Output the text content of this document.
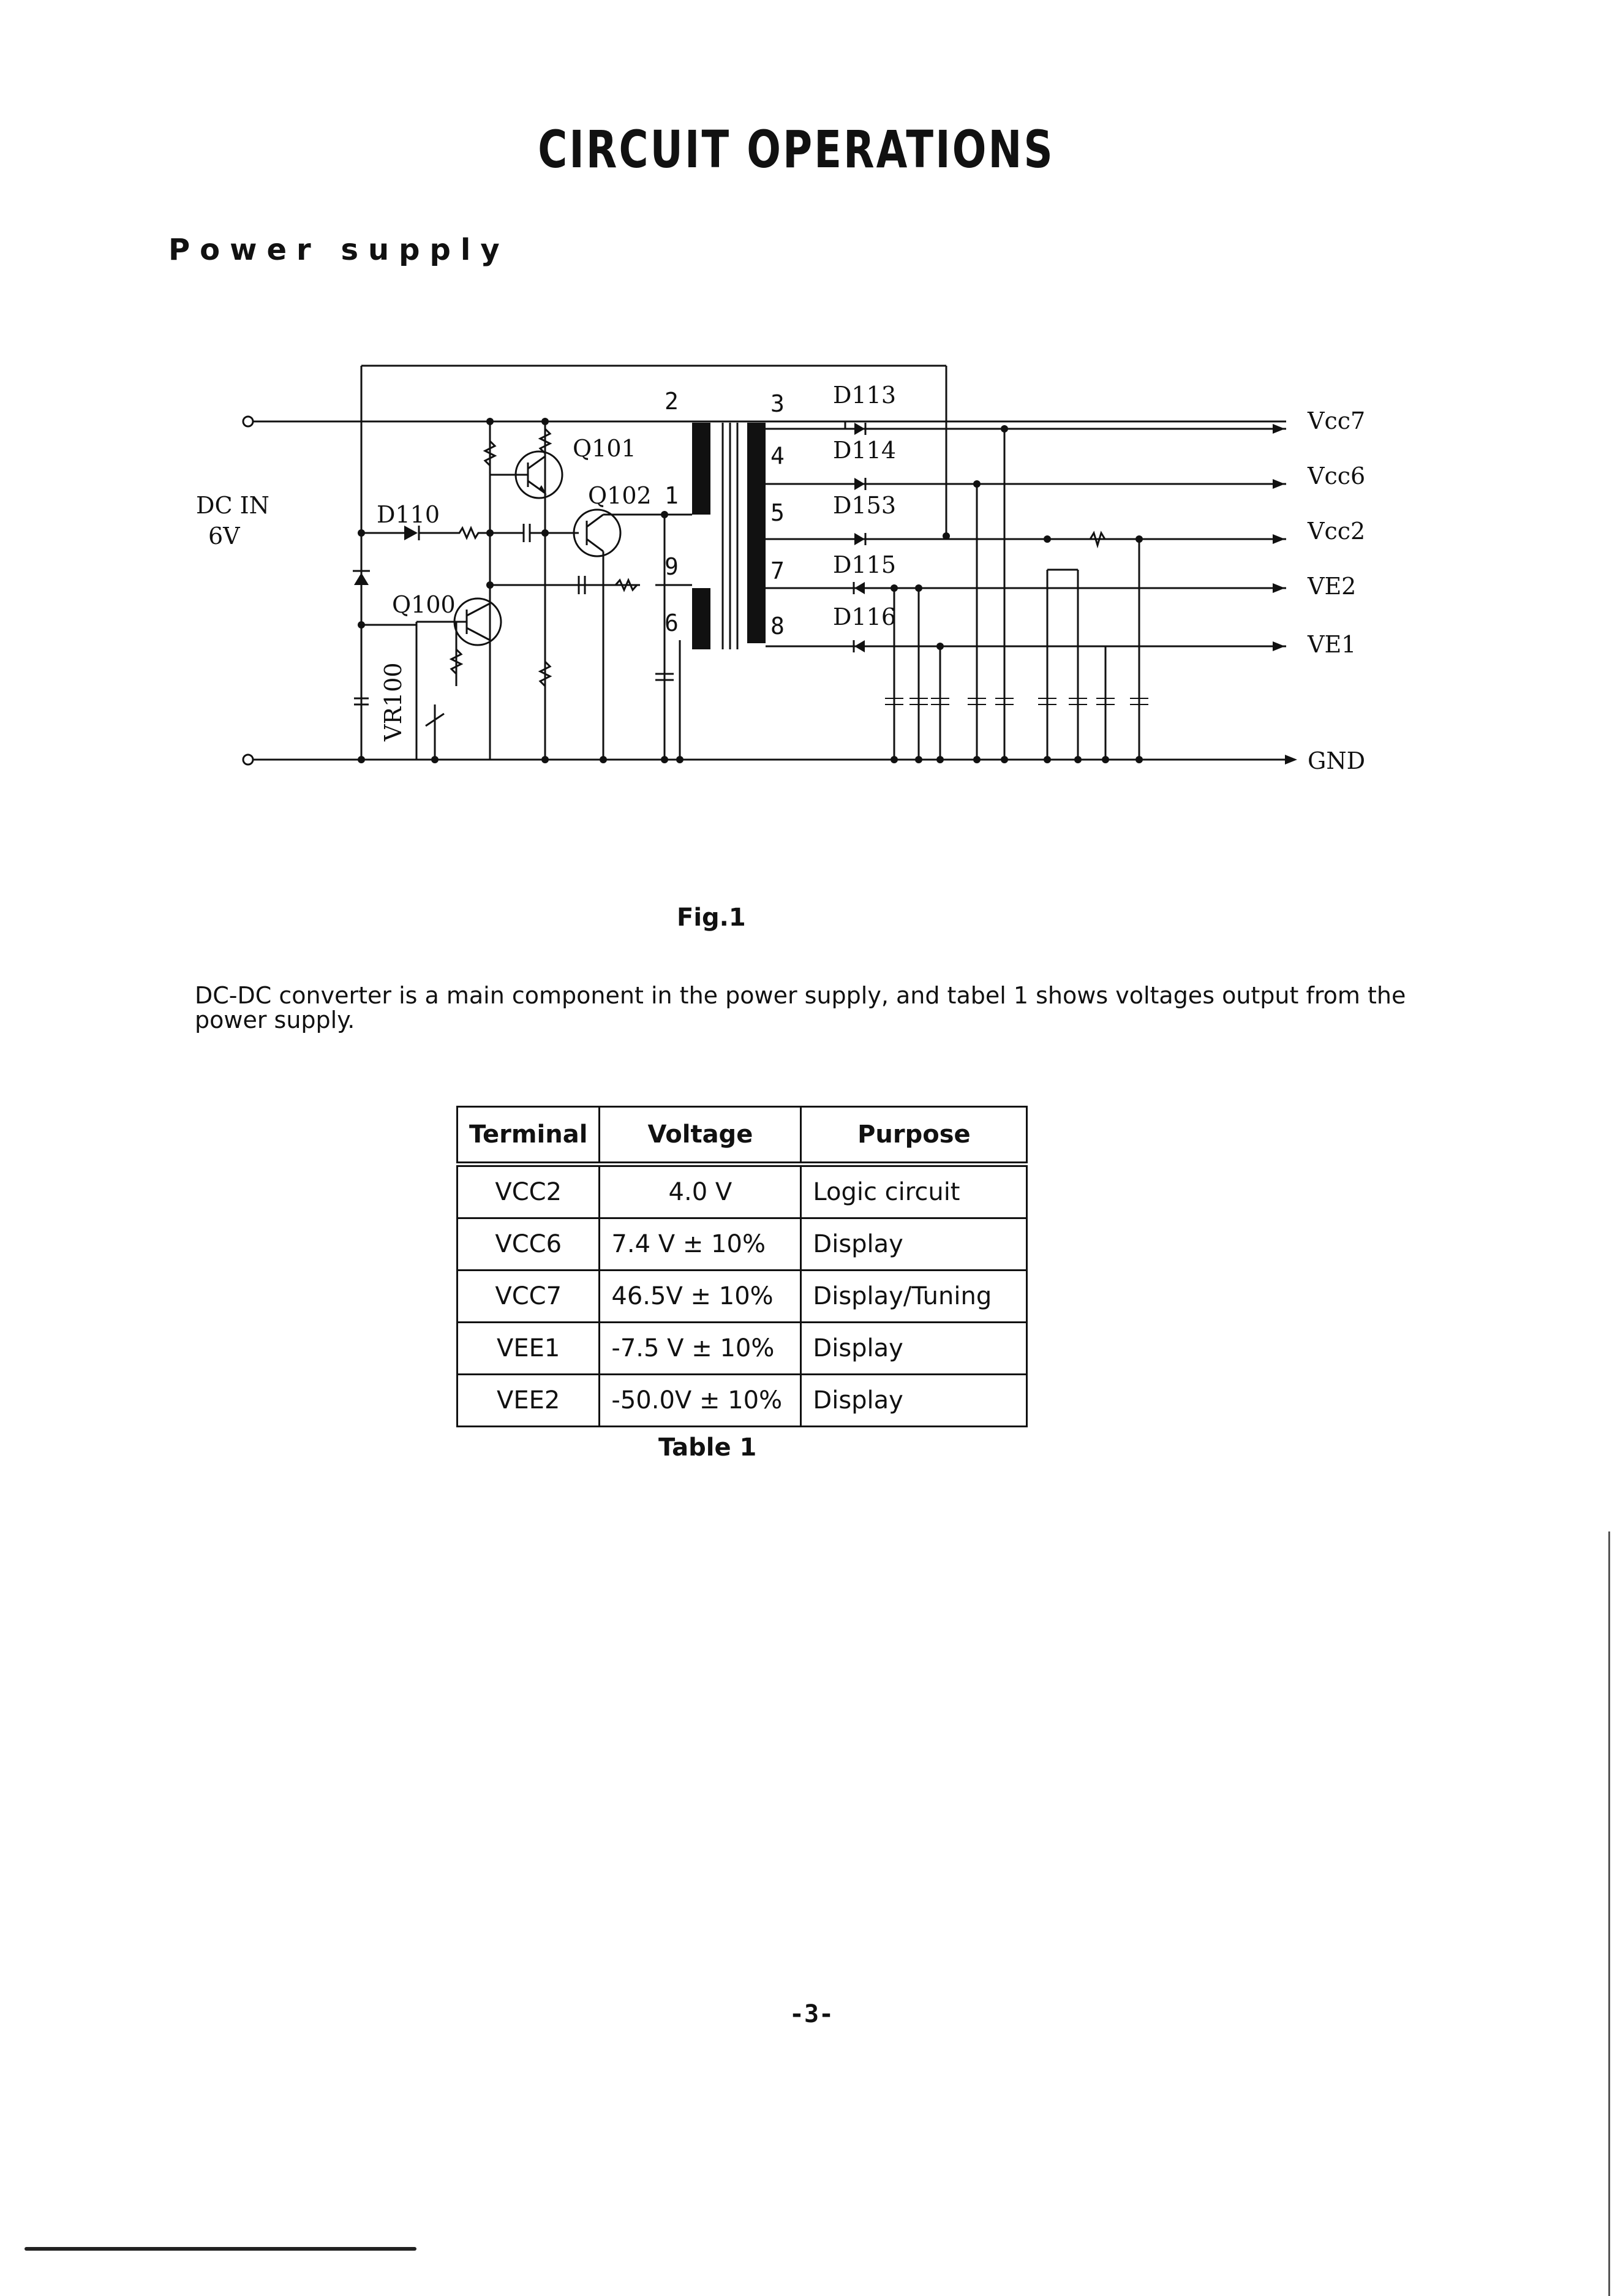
CIRCUIT OPERATIONS
Power supply
DC IN
6V
Q101
Q102
Q100
D110
VR100
D113
D114
D153
D115
D116
2
1
9
6
3
4
5
7
8
Vcc7
Vcc6
Vcc2
VE2
VE1
GND
Fig.1
DC-DC converter is a main component in the power supply, and tabel 1 shows voltages output from the power supply.
Terminal	Voltage	Purpose
VCC2	4.0 V	Logic circuit
VCC6	7.4 V ± 10%	Display
VCC7	46.5V ± 10%	Display/Tuning
VEE1	-7.5 V ± 10%	Display
VEE2	-50.0V ± 10%	Display
Table 1
-3-
